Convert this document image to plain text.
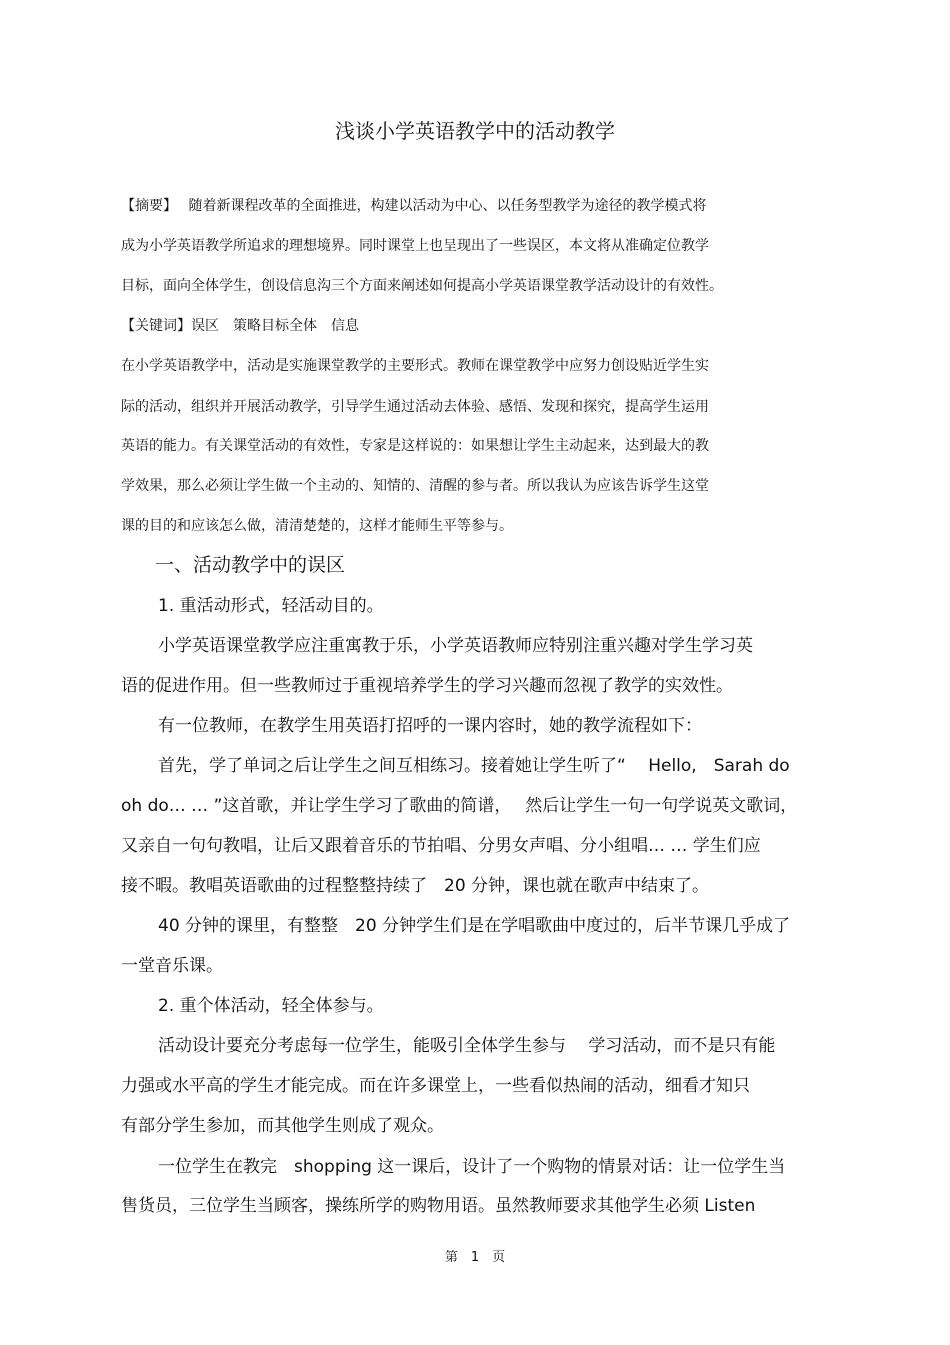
浅谈小学英语教学中的活动教学
【摘要】　 随着新课程改革的全面推进，构建以活动为中心、以任务型教学为途径的教学模式将
成为小学英语教学所追求的理想境界。同时课堂上也呈现出了一些误区，本文将从准确定位教学
目标，面向全体学生，创设信息沟三个方面来阐述如何提高小学英语课堂教学活动设计的有效性。
【关键词】误区　策略目标全体　信息
在小学英语教学中，活动是实施课堂教学的主要形式。教师在课堂教学中应努力创设贴近学生实
际的活动，组织并开展活动教学，引导学生通过活动去体验、感悟、发现和探究，提高学生运用
英语的能力。有关课堂活动的有效性，专家是这样说的：如果想让学生主动起来，达到最大的教
学效果，那么必须让学生做一个主动的、知情的、清醒的参与者。所以我认为应该告诉学生这堂
课的目的和应该怎么做，清清楚楚的，这样才能师生平等参与。
一、活动教学中的误区
1. 重活动形式，轻活动目的。
小学英语课堂教学应注重寓教于乐，小学英语教师应特别注重兴趣对学生学习英
语的促进作用。但一些教师过于重视培养学生的学习兴趣而忽视了教学的实效性。
有一位教师，在教学生用英语打招呼的一课内容时，她的教学流程如下：
首先，学了单词之后让学生之间互相练习。接着她让学生听了“　 Hello,　Sarah do
oh do… … ”这首歌，并让学生学习了歌曲的简谱，　 然后让学生一句一句学说英文歌词，
又亲自一句句教唱，让后又跟着音乐的节拍唱、分男女声唱、分小组唱… … 学生们应
接不暇。教唱英语歌曲的过程整整持续了　20 分钟，课也就在歌声中结束了。
40 分钟的课里，有整整　20 分钟学生们是在学唱歌曲中度过的，后半节课几乎成了
一堂音乐课。
2. 重个体活动，轻全体参与。
活动设计要充分考虑每一位学生，能吸引全体学生参与　 学习活动，而不是只有能
力强或水平高的学生才能完成。而在许多课堂上，一些看似热闹的活动，细看才知只
有部分学生参加，而其他学生则成了观众。
一位学生在教完　shopping 这一课后，设计了一个购物的情景对话：让一位学生当
售货员，三位学生当顾客，操练所学的购物用语。虽然教师要求其他学生必须 Listen
第　1　页
